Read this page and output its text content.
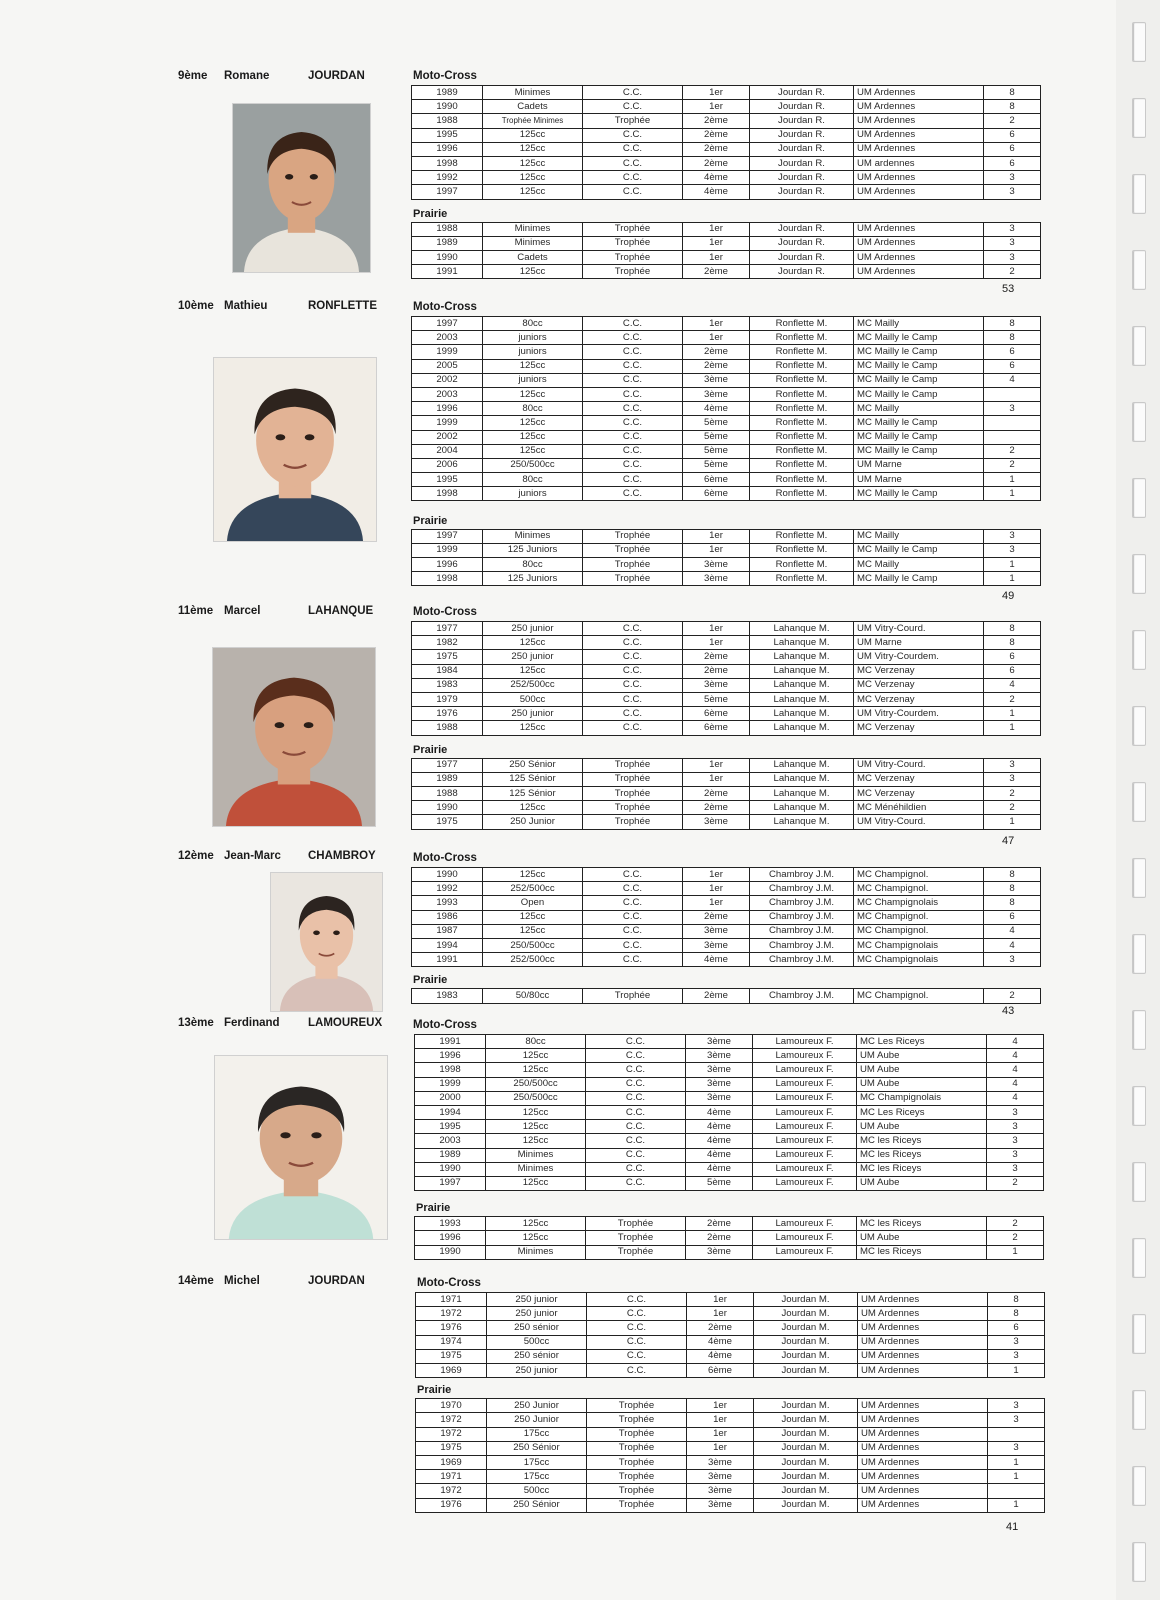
9ème Romane	JOURDAN	Moto-Cross
1989	Minimes	C.C.	1er	Jourdan R.	UM Ardennes	8
1990	Cadets	C.C.	1er	Jourdan R.	UM Ardennes	8
1988	Trophée Minimes	Trophée	2ème	Jourdan R.	UM Ardennes	2
1995	125cc	C.C.	2ème	Jourdan R.	UM Ardennes	6
1996	125cc	C.C.	2ème	Jourdan R.	UM Ardennes	6
1998	125cc	C.C.	2ème	Jourdan R.	UM ardennes	6
1992	125cc	C.C.	4ème	Jourdan R.	UM Ardennes	3
1997	125cc	C.C.	4ème	Jourdan R.	UM Ardennes	3
Prairie
1988	Minimes	Trophée	1er	Jourdan R.	UM Ardennes	3
1989	Minimes	Trophée	1er	Jourdan R.	UM Ardennes	3
1990	Cadets	Trophée	1er	Jourdan R.	UM Ardennes	3
1991	125cc	Trophée	2ème	Jourdan R.	UM Ardennes	2
53
10ème Mathieu	RONFLETTE	Moto-Cross
1997	80cc	C.C.	1er	Ronflette M.	MC Mailly	8
2003	juniors	C.C.	1er	Ronflette M.	MC Mailly le Camp	8
1999	juniors	C.C.	2ème	Ronflette M.	MC Mailly le Camp	6
2005	125cc	C.C.	2ème	Ronflette M.	MC Mailly le Camp	6
2002	juniors	C.C.	3ème	Ronflette M.	MC Mailly le Camp	4
2003	125cc	C.C.	3ème	Ronflette M.	MC Mailly le Camp	
1996	80cc	C.C.	4ème	Ronflette M.	MC Mailly	3
1999	125cc	C.C.	5ème	Ronflette M.	MC Mailly le Camp	
2002	125cc	C.C.	5ème	Ronflette M.	MC Mailly le Camp	
2004	125cc	C.C.	5ème	Ronflette M.	MC Mailly le Camp	2
2006	250/500cc	C.C.	5ème	Ronflette M.	UM Marne	2
1995	80cc	C.C.	6ème	Ronflette M.	UM Marne	1
1998	juniors	C.C.	6ème	Ronflette M.	MC Mailly le Camp	1
Prairie
1997	Minimes	Trophée	1er	Ronflette M.	MC Mailly	3
1999	125 Juniors	Trophée	1er	Ronflette M.	MC Mailly le Camp	3
1996	80cc	Trophée	3ème	Ronflette M.	MC Mailly	1
1998	125 Juniors	Trophée	3ème	Ronflette M.	MC Mailly le Camp	1
49
11ème Marcel	LAHANQUE	Moto-Cross
1977	250 junior	C.C.	1er	Lahanque M.	UM Vitry-Courd.	8
1982	125cc	C.C.	1er	Lahanque M.	UM Marne	8
1975	250 junior	C.C.	2ème	Lahanque M.	UM Vitry-Courdem.	6
1984	125cc	C.C.	2ème	Lahanque M.	MC Verzenay	6
1983	252/500cc	C.C.	3ème	Lahanque M.	MC Verzenay	4
1979	500cc	C.C.	5ème	Lahanque M.	MC Verzenay	2
1976	250 junior	C.C.	6ème	Lahanque M.	UM Vitry-Courdem.	1
1988	125cc	C.C.	6ème	Lahanque M.	MC Verzenay	1
Prairie
1977	250 Sénior	Trophée	1er	Lahanque M.	UM Vitry-Courd.	3
1989	125 Sénior	Trophée	1er	Lahanque M.	MC Verzenay	3
1988	125 Sénior	Trophée	2ème	Lahanque M.	MC Verzenay	2
1990	125cc	Trophée	2ème	Lahanque M.	MC Ménéhildien	2
1975	250 Junior	Trophée	3ème	Lahanque M.	UM Vitry-Courd.	1
47
12ème Jean-Marc CHAMBROY	Moto-Cross
1990	125cc	C.C.	1er	Chambroy J.M.	MC Champignol.	8
1992	252/500cc	C.C.	1er	Chambroy J.M.	MC Champignol.	8
1993	Open	C.C.	1er	Chambroy J.M.	MC Champignolais	8
1986	125cc	C.C.	2ème	Chambroy J.M.	MC Champignol.	6
1987	125cc	C.C.	3ème	Chambroy J.M.	MC Champignol.	4
1994	250/500cc	C.C.	3ème	Chambroy J.M.	MC Champignolais	4
1991	252/500cc	C.C.	4ème	Chambroy J.M.	MC Champignolais	3
Prairie
1983	50/80cc	Trophée	2ème	Chambroy J.M.	MC Champignol.	2
43
13ème Ferdinand LAMOUREUX	Moto-Cross
1991	80cc	C.C.	3ème	Lamoureux F.	MC Les Riceys	4
1996	125cc	C.C.	3ème	Lamoureux F.	UM Aube	4
1998	125cc	C.C.	3ème	Lamoureux F.	UM Aube	4
1999	250/500cc	C.C.	3ème	Lamoureux F.	UM Aube	4
2000	250/500cc	C.C.	3ème	Lamoureux F.	MC Champignolais	4
1994	125cc	C.C.	4ème	Lamoureux F.	MC Les Riceys	3
1995	125cc	C.C.	4ème	Lamoureux F.	UM Aube	3
2003	125cc	C.C.	4ème	Lamoureux F.	MC les Riceys	3
1989	Minimes	C.C.	4ème	Lamoureux F.	MC les Riceys	3
1990	Minimes	C.C.	4ème	Lamoureux F.	MC les Riceys	3
1997	125cc	C.C.	5ème	Lamoureux F.	UM Aube	2
Prairie
1993	125cc	Trophée	2ème	Lamoureux F.	MC les Riceys	2
1996	125cc	Trophée	2ème	Lamoureux F.	UM Aube	2
1990	Minimes	Trophée	3ème	Lamoureux F.	MC les Riceys	1
14ème Michel	JOURDAN	Moto-Cross
1971	250 junior	C.C.	1er	Jourdan M.	UM Ardennes	8
1972	250 junior	C.C.	1er	Jourdan M.	UM Ardennes	8
1976	250 sénior	C.C.	2ème	Jourdan M.	UM Ardennes	6
1974	500cc	C.C.	4ème	Jourdan M.	UM Ardennes	3
1975	250 sénior	C.C.	4ème	Jourdan M.	UM Ardennes	3
1969	250 junior	C.C.	6ème	Jourdan M.	UM Ardennes	1
Prairie
1970	250 Junior	Trophée	1er	Jourdan M.	UM Ardennes	3
1972	250 Junior	Trophée	1er	Jourdan M.	UM Ardennes	3
1972	175cc	Trophée	1er	Jourdan M.	UM Ardennes	
1975	250 Sénior	Trophée	1er	Jourdan M.	UM Ardennes	3
1969	175cc	Trophée	3ème	Jourdan M.	UM Ardennes	1
1971	175cc	Trophée	3ème	Jourdan M.	UM Ardennes	1
1972	500cc	Trophée	3ème	Jourdan M.	UM Ardennes	
1976	250 Sénior	Trophée	3ème	Jourdan M.	UM Ardennes	1
41
